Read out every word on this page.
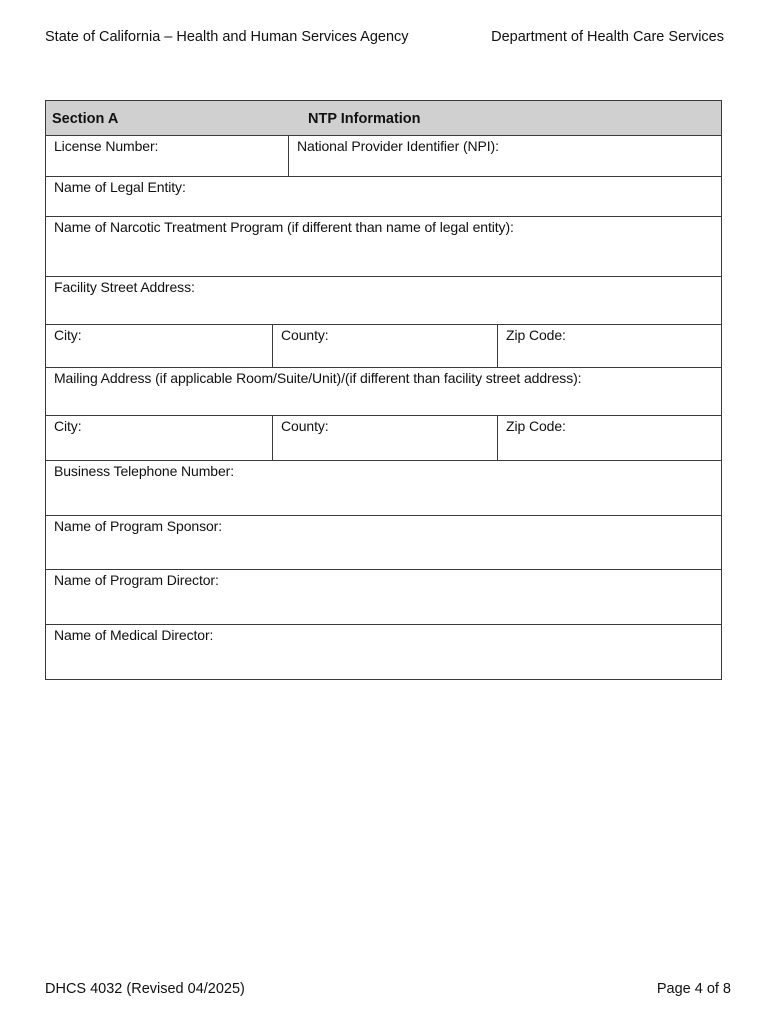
State of California – Health and Human Services Agency	Department of Health Care Services
Section A	NTP Information
License Number:	National Provider Identifier (NPI):
Name of Legal Entity:
Name of Narcotic Treatment Program (if different than name of legal entity):
Facility Street Address:
City:	County:	Zip Code:
Mailing Address (if applicable Room/Suite/Unit)/(if different than facility street address):
City:	County:	Zip Code:
Business Telephone Number:
Name of Program Sponsor:
Name of Program Director:
Name of Medical Director:
DHCS 4032 (Revised 04/2025)	Page 4 of 8
